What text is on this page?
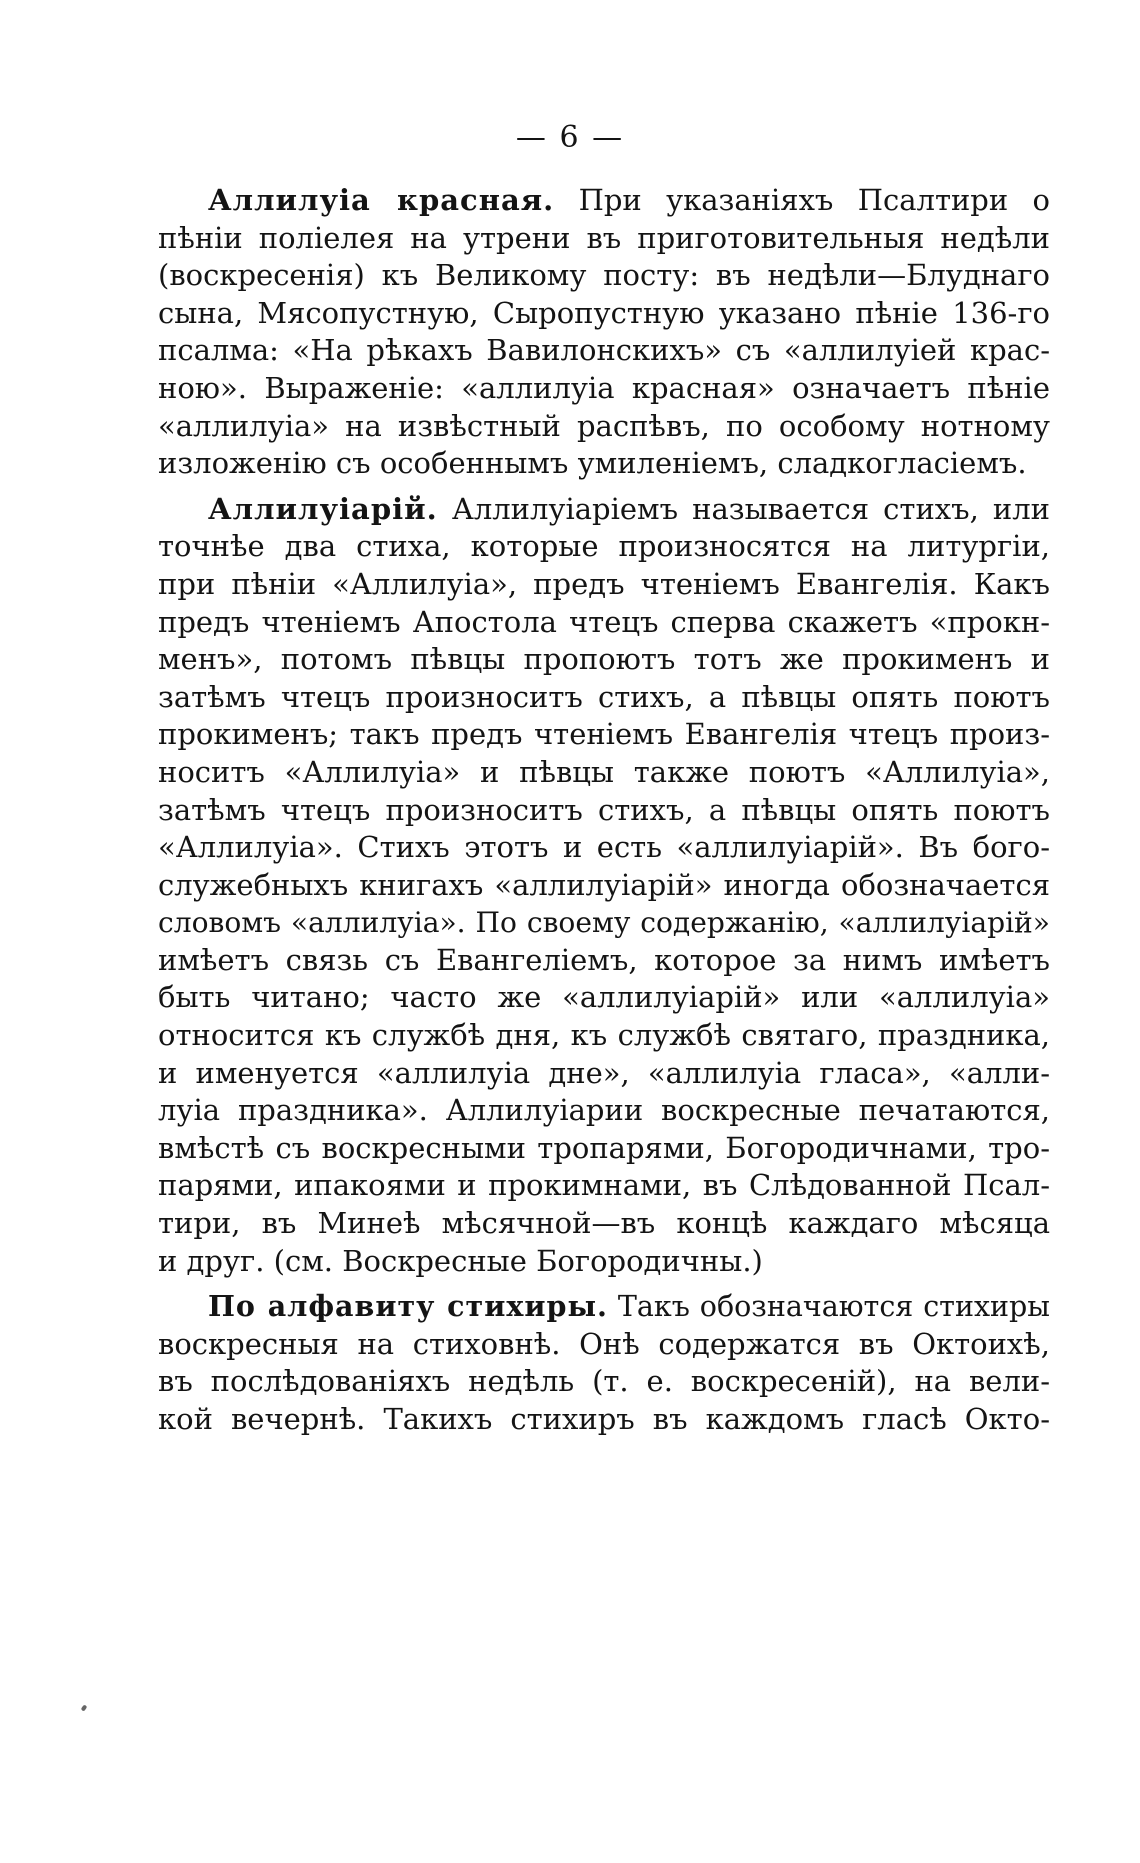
— 6 —
Аллилуіа красная. При указаніяхъ Псалтири о
пѣніи поліелея на утрени въ приготовительныя недѣли
(воскресенія) къ Великому посту: въ недѣли—Блуднаго
сына, Мясопустную, Сыропустную указано пѣніе 136-го
псалма: «На рѣкахъ Вавилонскихъ» съ «аллилуіей крас-
ною». Выраженіе: «аллилуіа красная» означаетъ пѣніе
«аллилуіа» на извѣстный распѣвъ, по особому нотному
изложенію съ особеннымъ умиленіемъ, сладкогласіемъ.
Аллилуіарій. Аллилуіаріемъ называется стихъ, или
точнѣе два стиха, которые произносятся на литургіи,
при пѣніи «Аллилуіа», предъ чтеніемъ Евангелія. Какъ
предъ чтеніемъ Апостола чтецъ сперва скажетъ «прокн-
менъ», потомъ пѣвцы пропоютъ тотъ же прокименъ и
затѣмъ чтецъ произноситъ стихъ, а пѣвцы опять поютъ
прокименъ; такъ предъ чтеніемъ Евангелія чтецъ произ-
носитъ «Аллилуіа» и пѣвцы также поютъ «Аллилуіа»,
затѣмъ чтецъ произноситъ стихъ, а пѣвцы опять поютъ
«Аллилуіа». Стихъ этотъ и есть «аллилуіарій». Въ бого-
служебныхъ книгахъ «аллилуіарій» иногда обозначается
словомъ «аллилуіа». По своему содержанію, «аллилуіарій»
имѣетъ связь съ Евангеліемъ, которое за нимъ имѣетъ
быть читано; часто же «аллилуіарій» или «аллилуіа»
относится къ службѣ дня, къ службѣ святаго, праздника,
и именуется «аллилуіа дне», «аллилуіа гласа», «алли-
луіа праздника». Аллилуіарии воскресные печатаются,
вмѣстѣ съ воскресными тропарями, Богородичнами, тро-
парями, ипакоями и прокимнами, въ Слѣдованной Псал-
тири, въ Минеѣ мѣсячной—въ концѣ каждаго мѣсяца
и друг. (см. Воскресные Богородичны.)
По алфавиту стихиры. Такъ обозначаются стихиры
воскресныя на стиховнѣ. Онѣ содержатся въ Октоихѣ,
въ послѣдованіяхъ недѣль (т. е. воскресеній), на вели-
кой вечернѣ. Такихъ стихиръ въ каждомъ гласѣ Окто-
